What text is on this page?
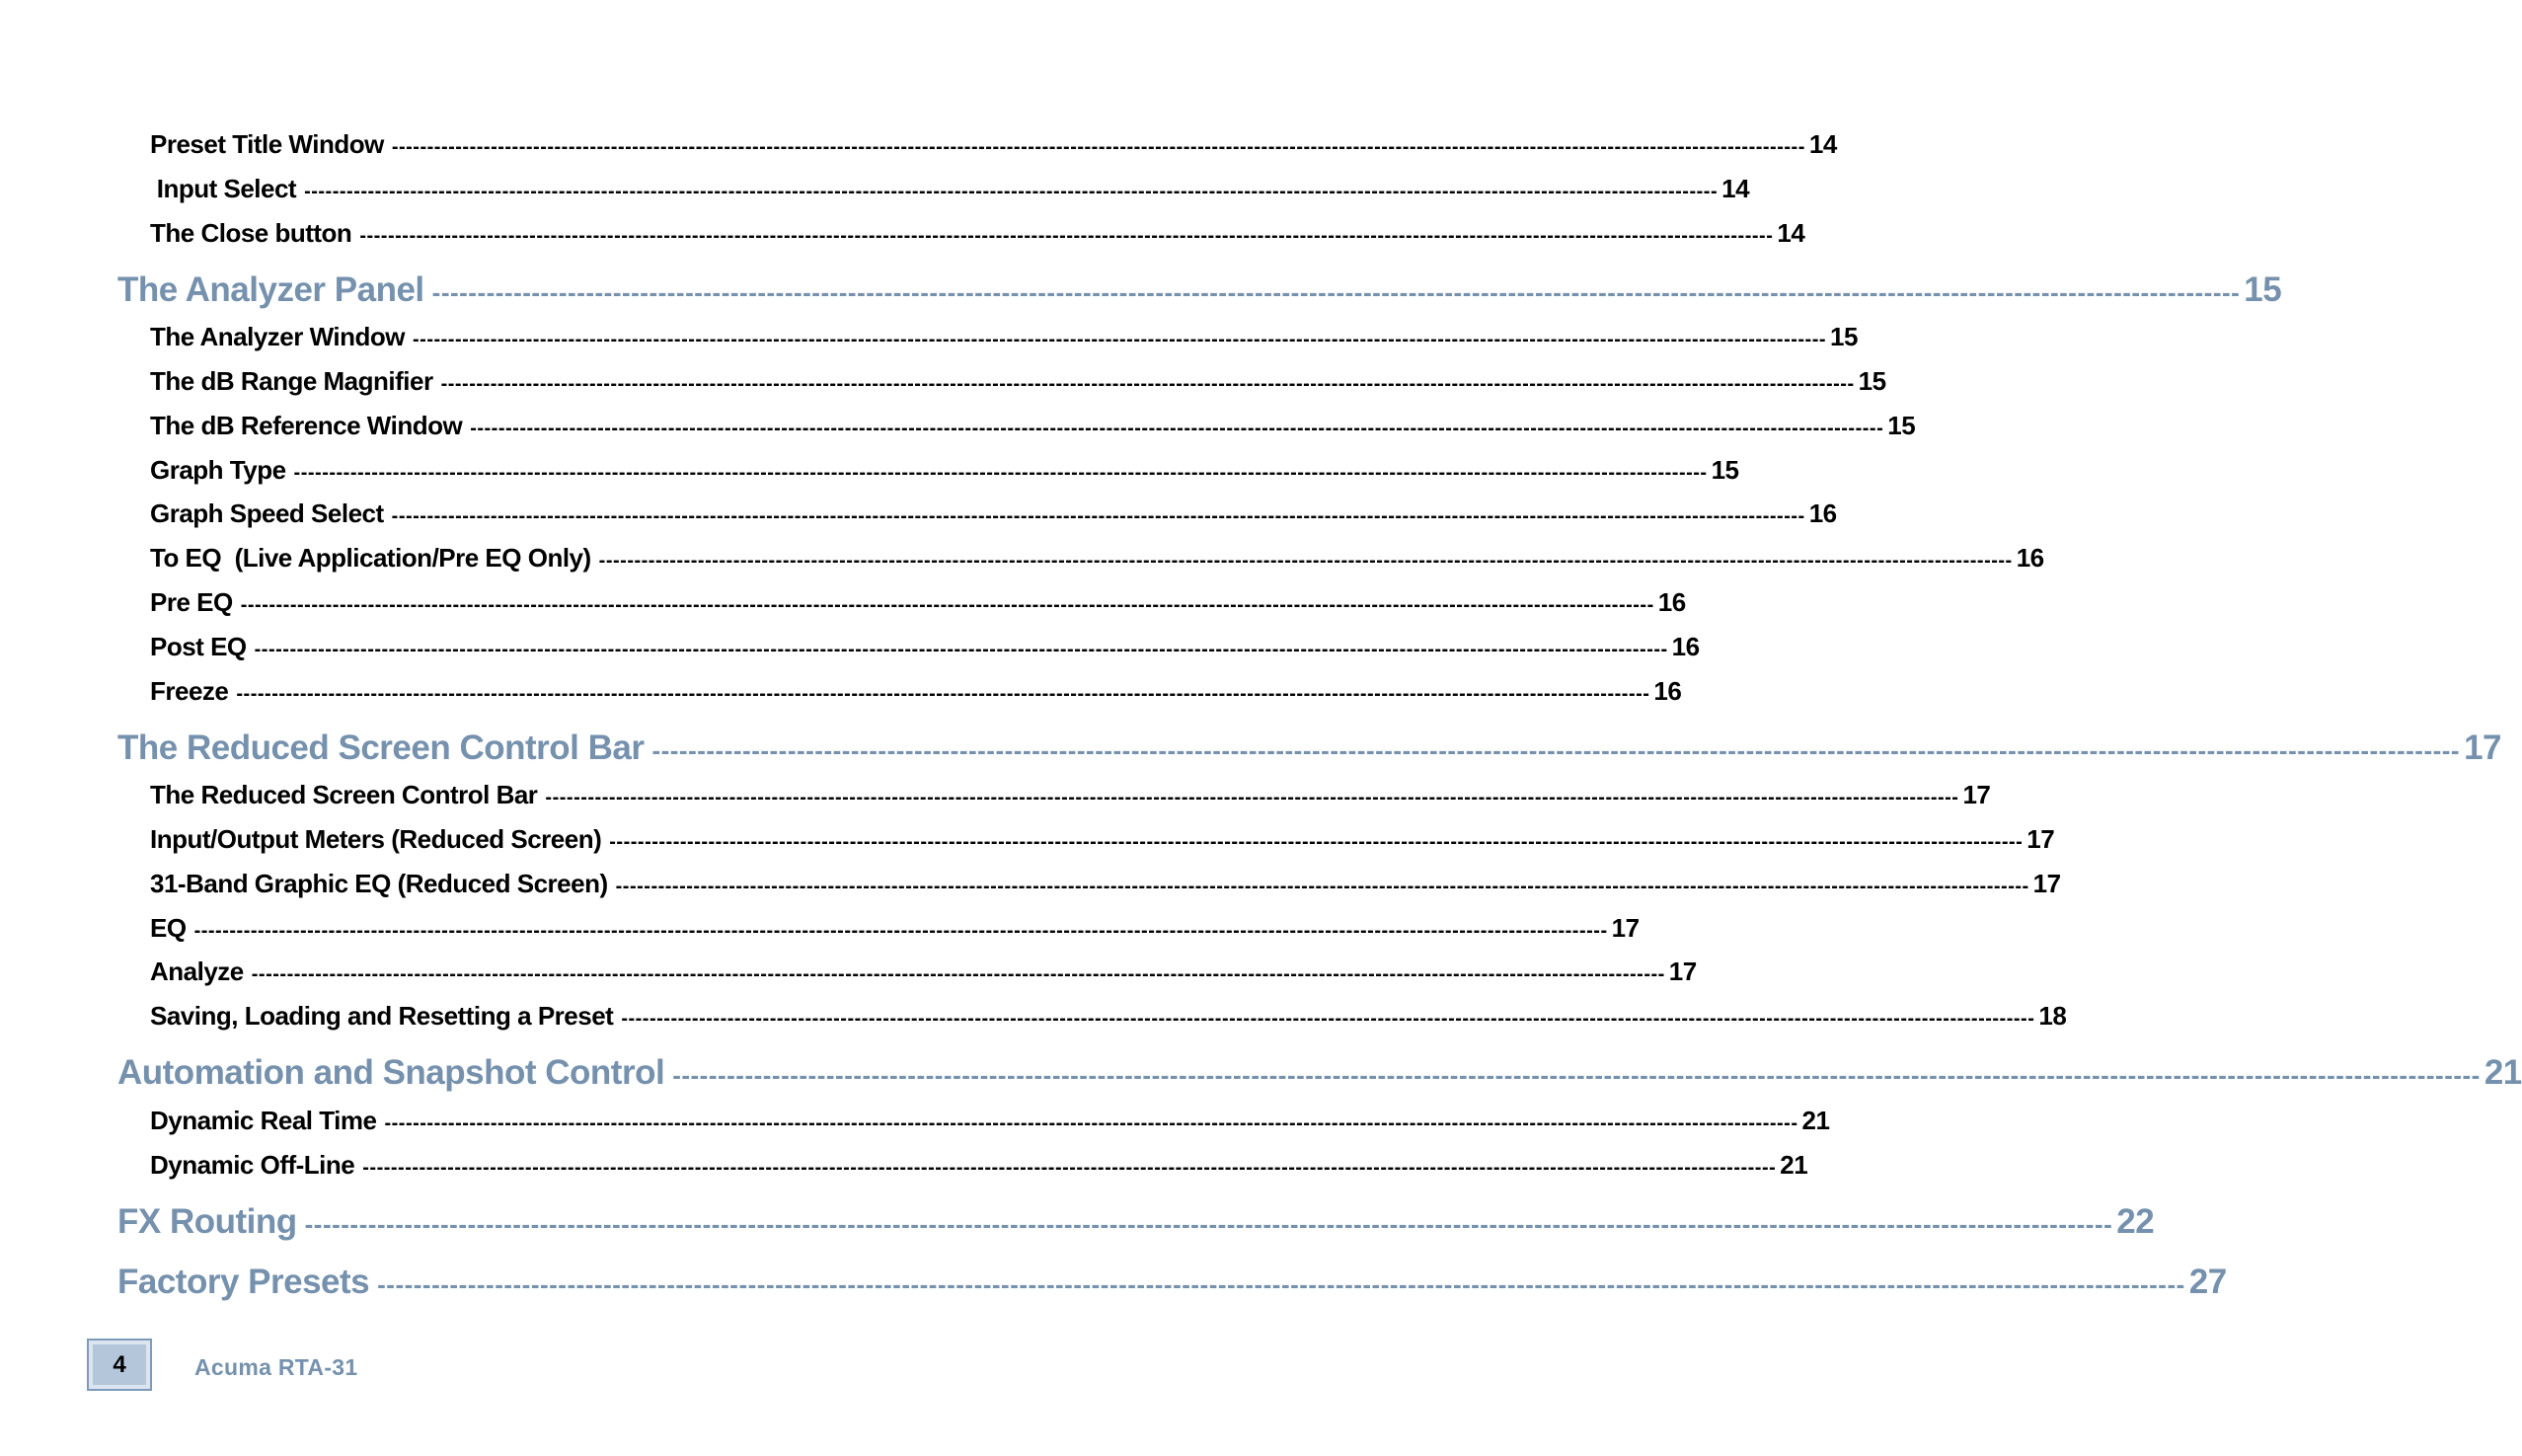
Preset Title Window -------------------------------------------------------------------------------------------------------------------------------------------------------------------------------------------------------- 14
Input Select -------------------------------------------------------------------------------------------------------------------------------------------------------------------------------------------------------- 14
The Close button -------------------------------------------------------------------------------------------------------------------------------------------------------------------------------------------------------- 14
The Analyzer Panel -------------------------------------------------------------------------------------------------------------------------------------------------------------------------------------------------------- 15
The Analyzer Window -------------------------------------------------------------------------------------------------------------------------------------------------------------------------------------------------------- 15
The dB Range Magnifier -------------------------------------------------------------------------------------------------------------------------------------------------------------------------------------------------------- 15
The dB Reference Window -------------------------------------------------------------------------------------------------------------------------------------------------------------------------------------------------------- 15
Graph Type -------------------------------------------------------------------------------------------------------------------------------------------------------------------------------------------------------- 15
Graph Speed Select -------------------------------------------------------------------------------------------------------------------------------------------------------------------------------------------------------- 16
To EQ  (Live Application/Pre EQ Only) -------------------------------------------------------------------------------------------------------------------------------------------------------------------------------------------------------- 16
Pre EQ -------------------------------------------------------------------------------------------------------------------------------------------------------------------------------------------------------- 16
Post EQ -------------------------------------------------------------------------------------------------------------------------------------------------------------------------------------------------------- 16
Freeze -------------------------------------------------------------------------------------------------------------------------------------------------------------------------------------------------------- 16
The Reduced Screen Control Bar -------------------------------------------------------------------------------------------------------------------------------------------------------------------------------------------------------- 17
The Reduced Screen Control Bar -------------------------------------------------------------------------------------------------------------------------------------------------------------------------------------------------------- 17
Input/Output Meters (Reduced Screen) -------------------------------------------------------------------------------------------------------------------------------------------------------------------------------------------------------- 17
31-Band Graphic EQ (Reduced Screen) -------------------------------------------------------------------------------------------------------------------------------------------------------------------------------------------------------- 17
EQ -------------------------------------------------------------------------------------------------------------------------------------------------------------------------------------------------------- 17
Analyze -------------------------------------------------------------------------------------------------------------------------------------------------------------------------------------------------------- 17
Saving, Loading and Resetting a Preset -------------------------------------------------------------------------------------------------------------------------------------------------------------------------------------------------------- 18
Automation and Snapshot Control -------------------------------------------------------------------------------------------------------------------------------------------------------------------------------------------------------- 21
Dynamic Real Time -------------------------------------------------------------------------------------------------------------------------------------------------------------------------------------------------------- 21
Dynamic Off-Line -------------------------------------------------------------------------------------------------------------------------------------------------------------------------------------------------------- 21
FX Routing -------------------------------------------------------------------------------------------------------------------------------------------------------------------------------------------------------- 22
Factory Presets -------------------------------------------------------------------------------------------------------------------------------------------------------------------------------------------------------- 27
4	Acuma RTA-31
